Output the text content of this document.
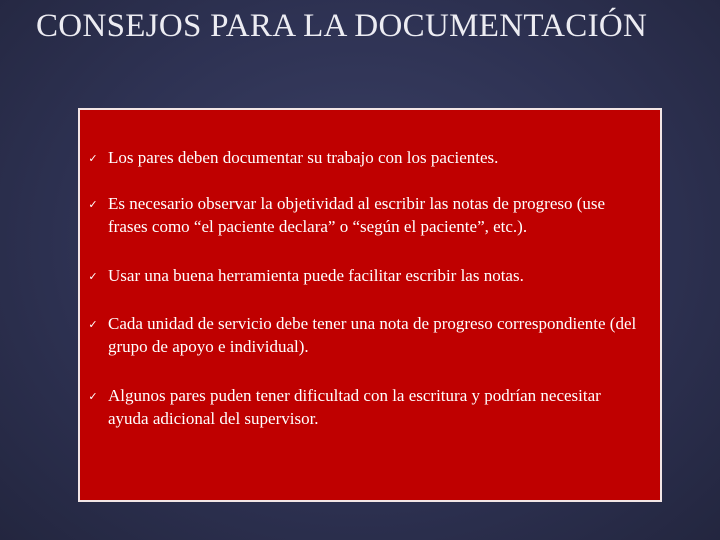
CONSEJOS PARA LA DOCUMENTACIÓN
✓ Los pares deben documentar su trabajo con los pacientes.
✓ Es necesario observar la objetividad al escribir las notas de progreso (use frases como “el paciente declara” o “según el paciente”, etc.).
✓ Usar una buena herramienta puede facilitar escribir las notas.
✓ Cada unidad de servicio debe tener una nota de progreso correspondiente (del grupo de apoyo e individual).
✓ Algunos pares puden tener dificultad con la escritura y podrían necesitar ayuda adicional del supervisor.
